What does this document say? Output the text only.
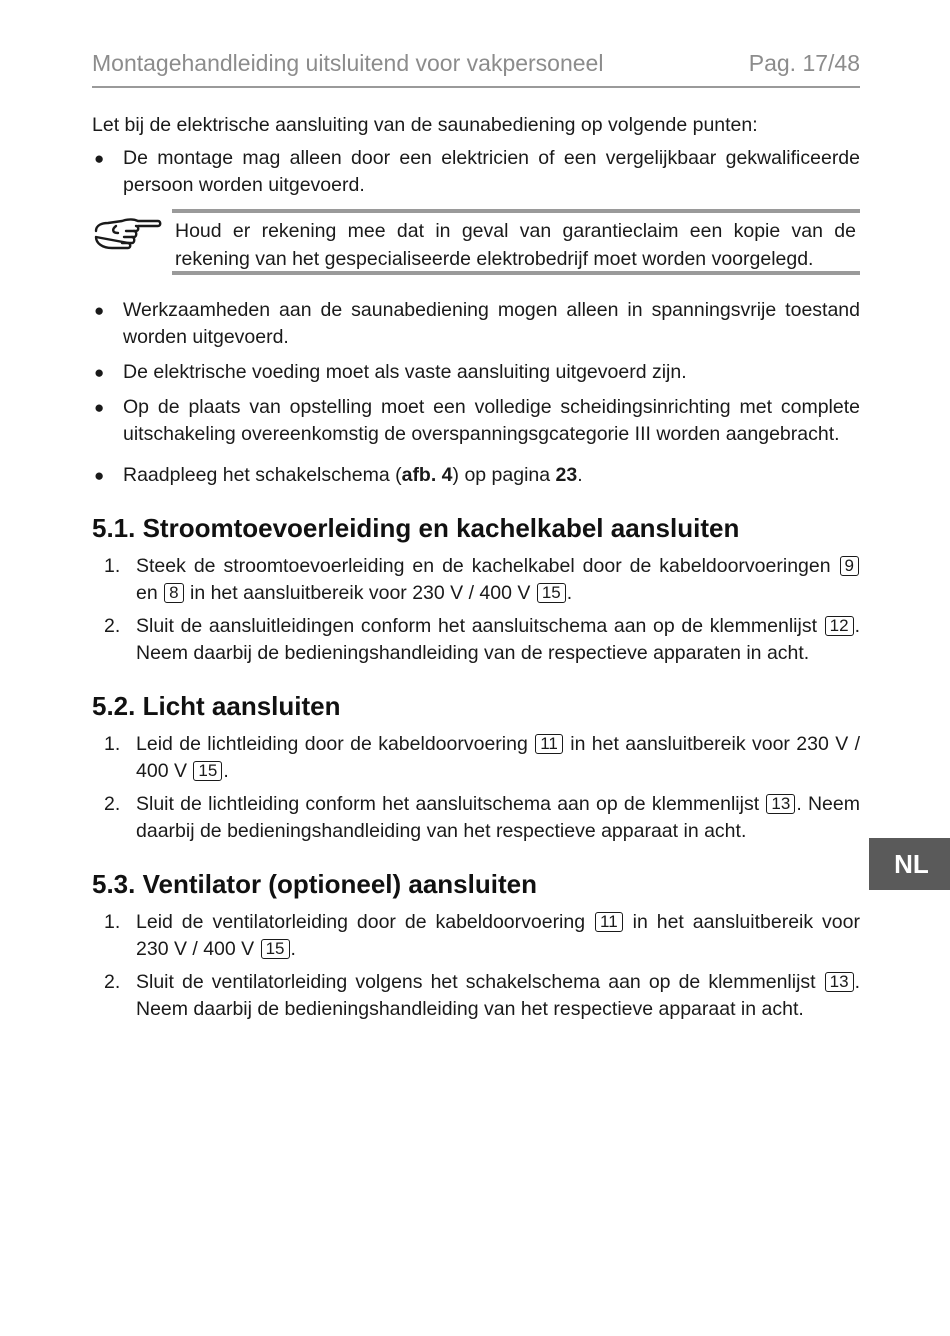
Montagehandleiding uitsluitend voor vakpersoneel	Pag. 17/48

Let bij de elektrische aansluiting van de saunabediening op volgende punten:

● De montage mag alleen door een elektricien of een vergelijkbaar gekwalificeerde persoon worden uitgevoerd.
Houd er rekening mee dat in geval van garantieclaim een kopie van de rekening van het gespecialiseerde elektrobedrijf moet worden voorgelegd.
● Werkzaamheden aan de saunabediening mogen alleen in spanningsvrije toestand worden uitgevoerd.
● De elektrische voeding moet als vaste aansluiting uitgevoerd zijn.
● Op de plaats van opstelling moet een volledige scheidingsinrichting met complete uitschakeling overeenkomstig de overspanningsgcategorie III worden aangebracht.
● Raadpleeg het schakelschema (afb. 4) op pagina 23.
5.1. Stroomtoevoerleiding en kachelkabel aansluiten
1. Steek de stroomtoevoerleiding en de kachelkabel door de kabeldoorvoeringen 9 en 8 in het aansluitbereik voor 230 V / 400 V 15 .
2. Sluit de aansluitleidingen conform het aansluitschema aan op de klemmenlijst 12 . Neem daarbij de bedieningshandleiding van de respectieve apparaten in acht.
5.2. Licht aansluiten
1. Leid de lichtleiding door de kabeldoorvoering 11 in het aansluitbereik voor 230 V / 400 V 15 .
2. Sluit de lichtleiding conform het aansluitschema aan op de klemmenlijst 13 . Neem daarbij de bedieningshandleiding van het respectieve apparaat in acht.
5.3. Ventilator (optioneel) aansluiten
1. Leid de ventilatorleiding door de kabeldoorvoering 11 in het aansluitbereik voor 230 V / 400 V 15 .
2. Sluit de ventilatorleiding volgens het schakelschema aan op de klemmenlijst 13 . Neem daarbij de bedieningshandleiding van het respectieve apparaat in acht.
NL
